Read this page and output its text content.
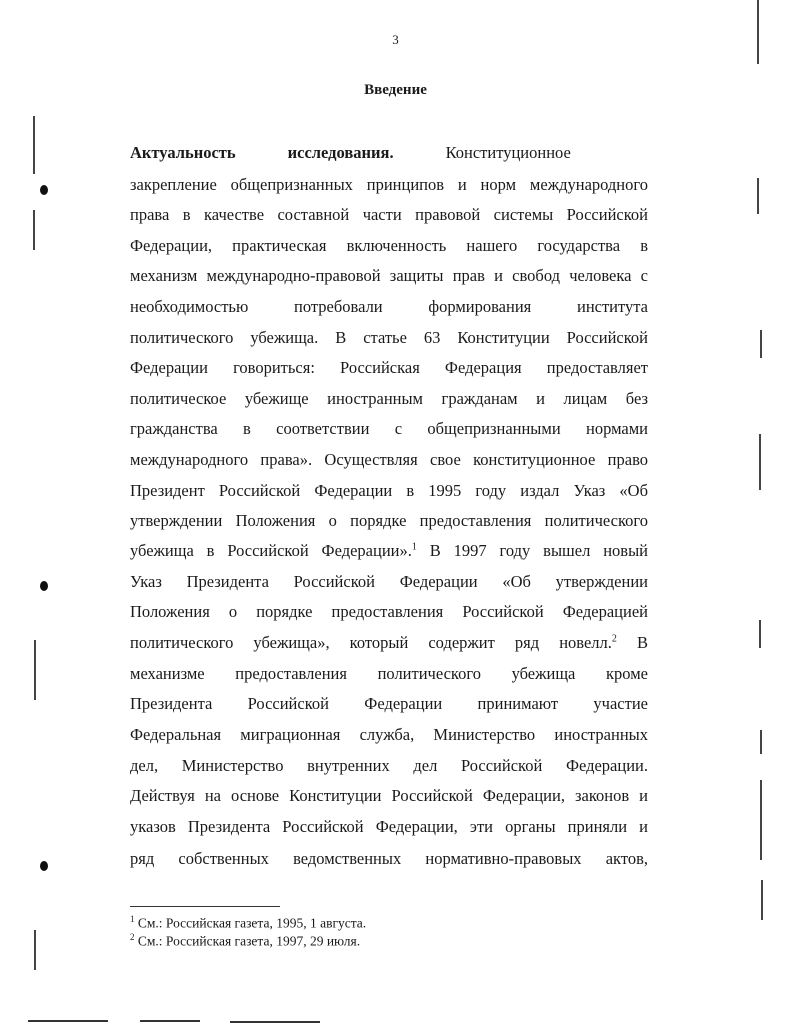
3
Введение
Актуальность	исследования.	Конституционное
закрепление общепризнанных принципов и норм международного
права в качестве составной части правовой системы Российской
Федерации, практическая включенность нашего государства в
механизм международно-правовой защиты прав и свобод человека с
необходимостью потребовали формирования института
политического убежища. В статье 63 Конституции Российской
Федерации говориться: Российская Федерация предоставляет
политическое убежище иностранным гражданам и лицам без
гражданства в соответствии с общепризнанными нормами
международного права». Осуществляя свое конституционное право
Президент Российской Федерации в 1995 году издал Указ «Об
утверждении Положения о порядке предоставления политического
убежища в Российской Федерации».$^1$ В 1997 году вышел новый
Указ Президента Российской Федерации «Об утверждении
Положения о порядке предоставления Российской Федерацией
политического убежища», который содержит ряд новелл.$^2$ В
механизме предоставления политического убежища кроме
Президента Российской Федерации принимают участие
Федеральная миграционная служба, Министерство иностранных
дел, Министерство внутренних дел Российской Федерации.
Действуя на основе Конституции Российской Федерации, законов и
указов Президента Российской Федерации, эти органы приняли и
ряд собственных ведомственных нормативно-правовых актов,
$^1$ См.: Российская газета, 1995, 1 августа.
$^2$ См.: Российская газета, 1997, 29 июля.
